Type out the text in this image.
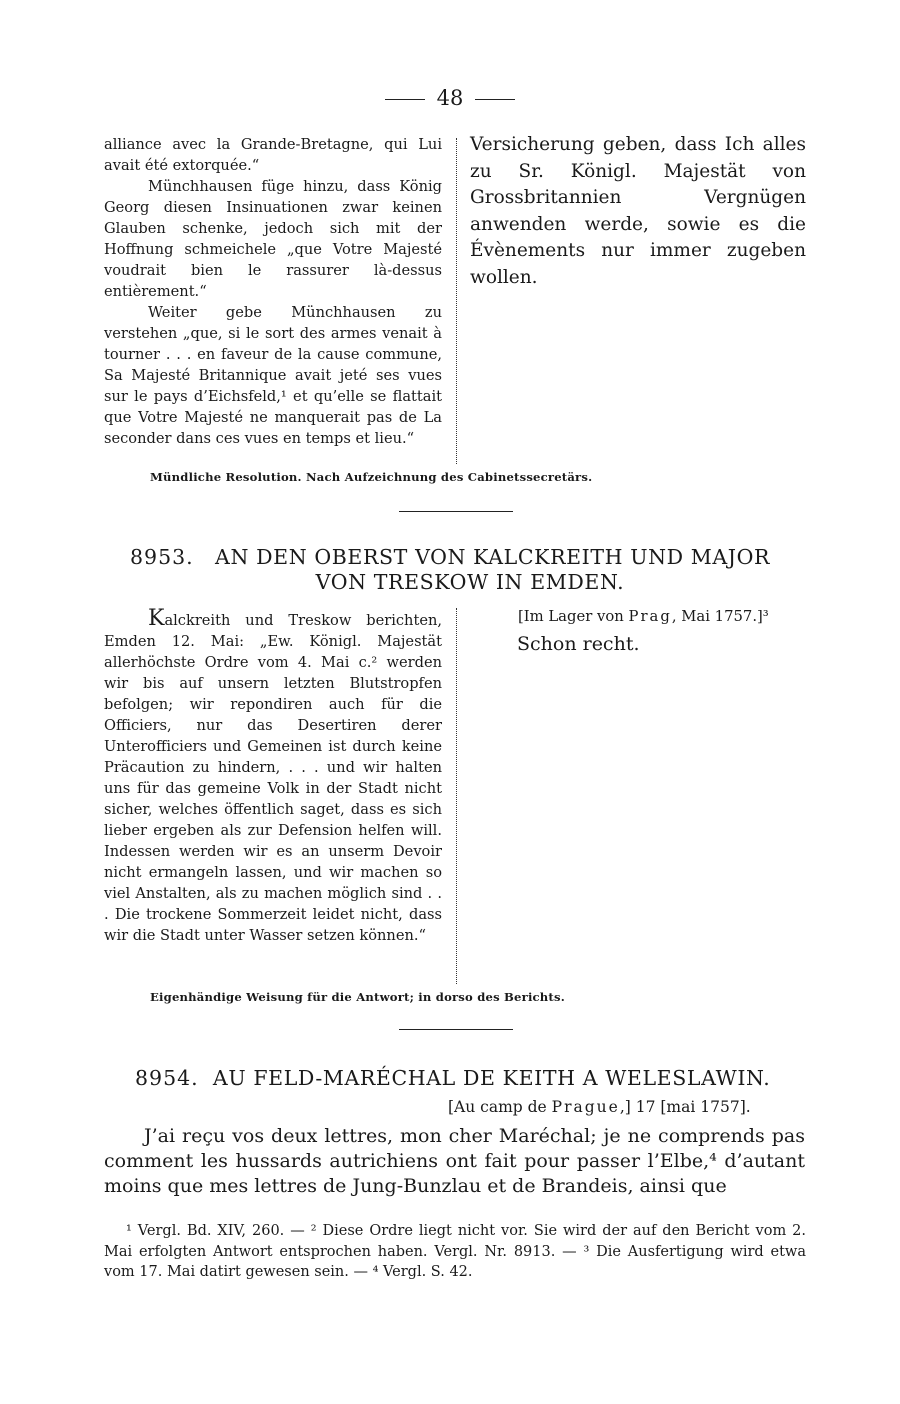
48

alliance avec la Grande-Bretagne, qui Lui avait été extorquée.“

Münchhausen füge hinzu, dass König Georg diesen Insinuationen zwar keinen Glauben schenke, jedoch sich mit der Hoffnung schmeichele „que Votre Majesté voudrait bien le rassurer là-dessus entièrement.“

Weiter gebe Münchhausen zu verstehen „que, si le sort des armes venait à tourner . . . en faveur de la cause commune, Sa Majesté Britannique avait jeté ses vues sur le pays d’Eichsfeld,¹ et qu’elle se flattait que Votre Majesté ne manquerait pas de La seconder dans ces vues en temps et lieu.“

Versicherung geben, dass Ich alles zu Sr. Königl. Majestät von Grossbritannien Vergnügen anwenden werde, sowie es die Évènements nur immer zugeben wollen.

Mündliche Resolution. Nach Aufzeichnung des Cabinetssecretärs.
8953. AN DEN OBERST VON KALCKREITH UND MAJOR
VON TRESKOW IN EMDEN.

Kalckreith und Treskow berichten, Emden 12. Mai: „Ew. Königl. Majestät allerhöchste Ordre vom 4. Mai c.² werden wir bis auf unsern letzten Blutstropfen befolgen; wir repondiren auch für die Officiers, nur das Desertiren derer Unterofficiers und Gemeinen ist durch keine Präcaution zu hindern, . . . und wir halten uns für das gemeine Volk in der Stadt nicht sicher, welches öffentlich saget, dass es sich lieber ergeben als zur Defension helfen will. Indessen werden wir es an unserm Devoir nicht ermangeln lassen, und wir machen so viel Anstalten, als zu machen möglich sind . . . Die trockene Sommerzeit leidet nicht, dass wir die Stadt unter Wasser setzen können.“

[Im Lager von Prag, Mai 1757.]³
Schon recht.
Eigenhändige Weisung für die Antwort; in dorso des Berichts.
8954. AU FELD-MARÉCHAL DE KEITH A WELESLAWIN.
[Au camp de Prague,] 17 [mai 1757].

J’ai reçu vos deux lettres, mon cher Maréchal; je ne comprends pas comment les hussards autrichiens ont fait pour passer l’Elbe,⁴ d’autant moins que mes lettres de Jung-Bunzlau et de Brandeis, ainsi que

¹ Vergl. Bd. XIV, 260. — ² Diese Ordre liegt nicht vor. Sie wird der auf den Bericht vom 2. Mai erfolgten Antwort entsprochen haben. Vergl. Nr. 8913. — ³ Die Ausfertigung wird etwa vom 17. Mai datirt gewesen sein. — ⁴ Vergl. S. 42.
